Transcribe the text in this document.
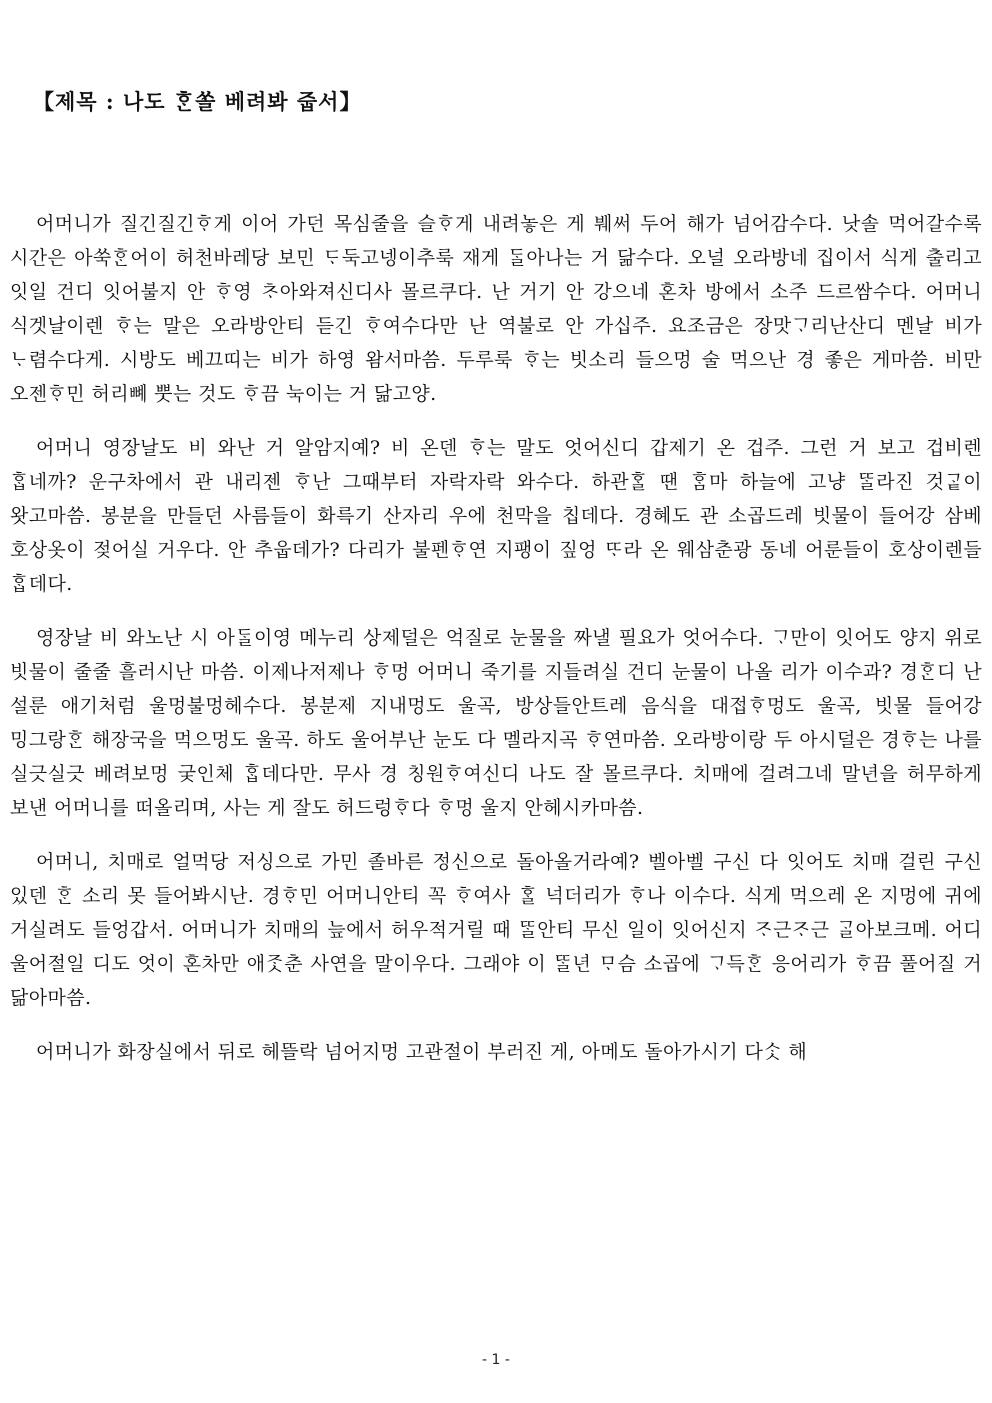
【제목 : 나도 ᄒᆞᆫ쏠 베려봐 줍서】

어머니가 질긴질긴ᄒᆞ게 이어 가던 목심줄을 슬ᄒᆞ게 내려놓은 게 붸써 두어 해가 넘어감수다. 낫솔 먹어갈수록 시간은 아쑥ᄒᆞᆫ어이 허천바레당 보민 ᄃᆞ둑고넹이추룩 재게 ᄃᆞᆯ아나는 거 닮수다. 오널 오라방네 집이서 식게 출리고 잇일 건디 잇어불지 안 ᄒᆞ영 ᄎᆞ아와져신디사 몰르쿠다. 난 거기 안 강으네 혼차 방에서 소주 드르쌈수다. 어머니 식겟날이렌 ᄒᆞ는 말은 오라방안티 듣긴 ᄒᆞ여수다만 난 역불로 안 가십주. 요조금은 장맛ᄀᆞ리난산디 멘날 비가 ᄂᆞ렴수다게. 시방도 베끄띠는 비가 하영 왐서마씀. 두루룩 ᄒᆞ는 빗소리 들으멍 술 먹으난 경 좋은 게마씀. 비만 오젠ᄒᆞ민 허리뼤 뿟는 것도 ᄒᆞ끔 눅이는 거 닮고양.

어머니 영장날도 비 와난 거 알암지예? 비 온덴 ᄒᆞ는 말도 엇어신디 갑제기 온 겁주. 그런 거 보고 겁비렌 ᄒᆞᆸ네까? 운구차에서 관 내리젠 ᄒᆞ난 그때부터 자락자락 와수다. 하관ᄒᆞᆯ 땐 ᄒᆞᆷ마 하늘에 고냥 ᄄᆞᆯ라진 것ᄀᆞᇀ이 왓고마씀. 봉분을 만들던 사름들이 화륵기 산자리 우에 천막을 칩데다. 경혜도 관 소곱드레 빗물이 들어강 삼베 호상옷이 젖어실 거우다. 안 추웁데가? 다리가 불펜ᄒᆞ연 지팽이 짚엉 ᄄᆞ라 온 웨삼춘광 동네 어룬들이 호상이렌들 ᄒᆞᆸ데다.

영장날 비 와노난 시 아ᄃᆞᆯ이영 메누리 상제덜은 억질로 눈물을 짜낼 필요가 엇어수다. ᄀᆞ만이 잇어도 양지 위로 빗물이 줄줄 흘러시난 마씀. 이제나저제나 ᄒᆞ멍 어머니 죽기를 지들려실 건디 눈물이 나올 리가 이수과? 경ᄒᆞᆫ디 난 설룬 애기처럼 울멍불멍헤수다. 봉분제 지내멍도 울곡, 방상들안트레 음식을 대접ᄒᆞ멍도 울곡, 빗물 들어강 밍그랑ᄒᆞᆫ 해장국을 먹으멍도 울곡. 하도 울어부난 눈도 다 멜라지곡 ᄒᆞ연마씀. 오라방이랑 두 아시덜은 경ᄒᆞ는 나를 실긋실긋 베려보멍 궂인체 ᄒᆞᆸ데다만. 무사 경 칭원ᄒᆞ여신디 나도 잘 몰르쿠다. 치매에 걸려그네 말년을 허무하게 보낸 어머니를 떠올리며, 사는 게 잘도 허드렁ᄒᆞ다 ᄒᆞ멍 울지 안헤시카마씀.

어머니, 치매로 얼먹당 저싱으로 가민 졸바른 정신으로 돌아올거라예? 벨아벨 구신 다 잇어도 치매 걸린 구신 있덴 ᄒᆞᆫ 소리 못 들어봐시난. 경ᄒᆞ민 어머니안티 꼭 ᄒᆞ여사 ᄒᆞᆯ 넉더리가 ᄒᆞ나 이수다. 식게 먹으레 온 지멍에 귀에 거실려도 들엉갑서. 어머니가 치매의 늪에서 허우적거릴 때 ᄄᆞᆯ안티 무신 일이 잇어신지 ᄌᆞ근ᄌᆞ근 ᄀᆞᆯ아보크메. 어디 울어절일 디도 엇이 혼차만 애ᄌᆞᆺ춘 사연을 말이우다. 그래야 이 ᄄᆞᆯ년 ᄆᆞ슴 소곱에 ᄀᆞ득ᄒᆞᆫ 응어리가 ᄒᆞ끔 풀어질 거 닮아마씀.

어머니가 화장실에서 뒤로 헤뜰락 넘어지멍 고관절이 부러진 게, 아메도 돌아가시기 다ᄉᆞᆺ 해

- 1 -
